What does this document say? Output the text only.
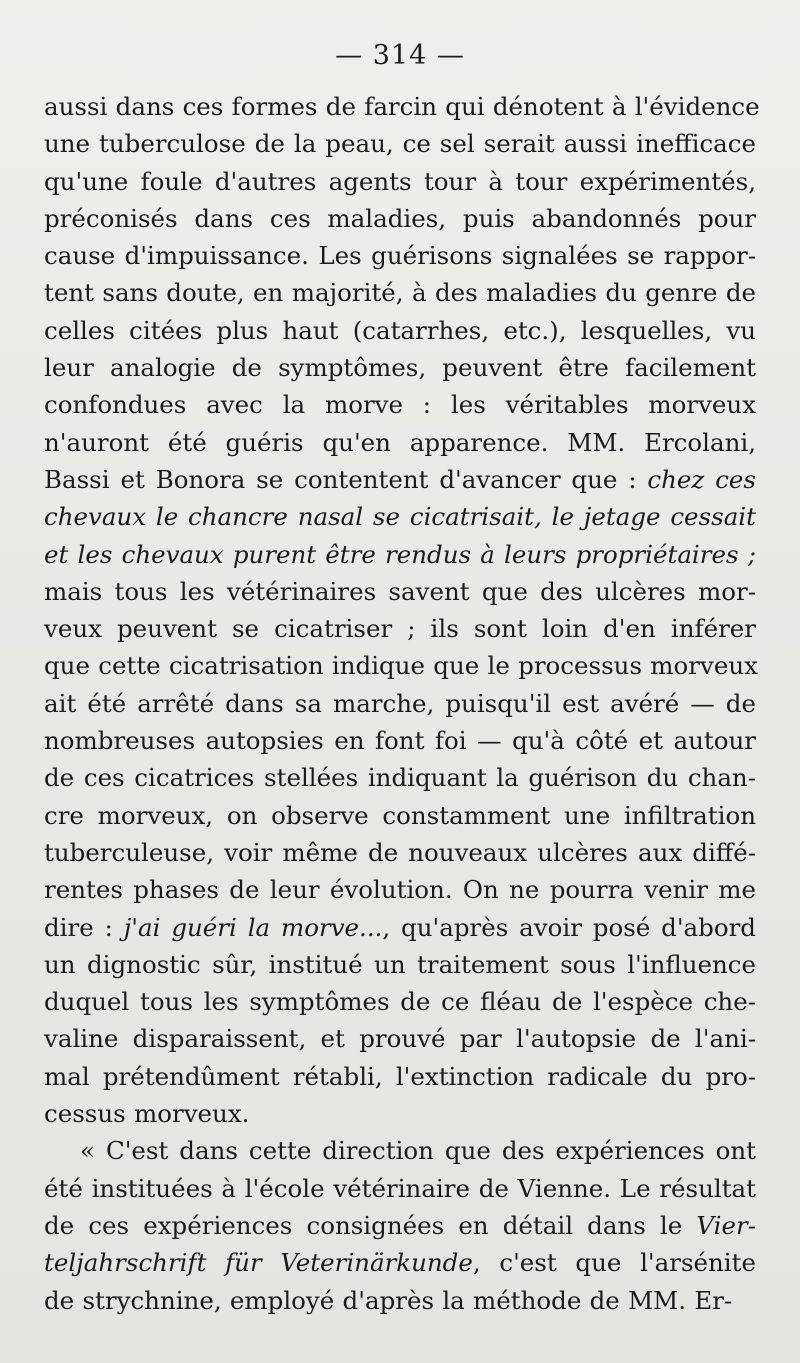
— 314 —
aussi dans ces formes de farcin qui dénotent à l'évidence
une tuberculose de la peau, ce sel serait aussi inefficace
qu'une foule d'autres agents tour à tour expérimentés,
préconisés dans ces maladies, puis abandonnés pour
cause d'impuissance. Les guérisons signalées se rappor-
tent sans doute, en majorité, à des maladies du genre de
celles citées plus haut (catarrhes, etc.), lesquelles, vu
leur analogie de symptômes, peuvent être facilement
confondues avec la morve : les véritables morveux
n'auront été guéris qu'en apparence. MM. Ercolani,
Bassi et Bonora se contentent d'avancer que : chez ces
chevaux le chancre nasal se cicatrisait, le jetage cessait
et les chevaux purent être rendus à leurs propriétaires ;
mais tous les vétérinaires savent que des ulcères mor-
veux peuvent se cicatriser ; ils sont loin d'en inférer
que cette cicatrisation indique que le processus morveux
ait été arrêté dans sa marche, puisqu'il est avéré — de
nombreuses autopsies en font foi — qu'à côté et autour
de ces cicatrices stellées indiquant la guérison du chan-
cre morveux, on observe constamment une infiltration
tuberculeuse, voir même de nouveaux ulcères aux diffé-
rentes phases de leur évolution. On ne pourra venir me
dire : j'ai guéri la morve..., qu'après avoir posé d'abord
un dignostic sûr, institué un traitement sous l'influence
duquel tous les symptômes de ce fléau de l'espèce che-
valine disparaissent, et prouvé par l'autopsie de l'ani-
mal prétendûment rétabli, l'extinction radicale du pro-
cessus morveux.
« C'est dans cette direction que des expériences ont
été instituées à l'école vétérinaire de Vienne. Le résultat
de ces expériences consignées en détail dans le Vier-
teljahrschrift für Veterinärkunde, c'est que l'arsénite
de strychnine, employé d'après la méthode de MM. Er-
